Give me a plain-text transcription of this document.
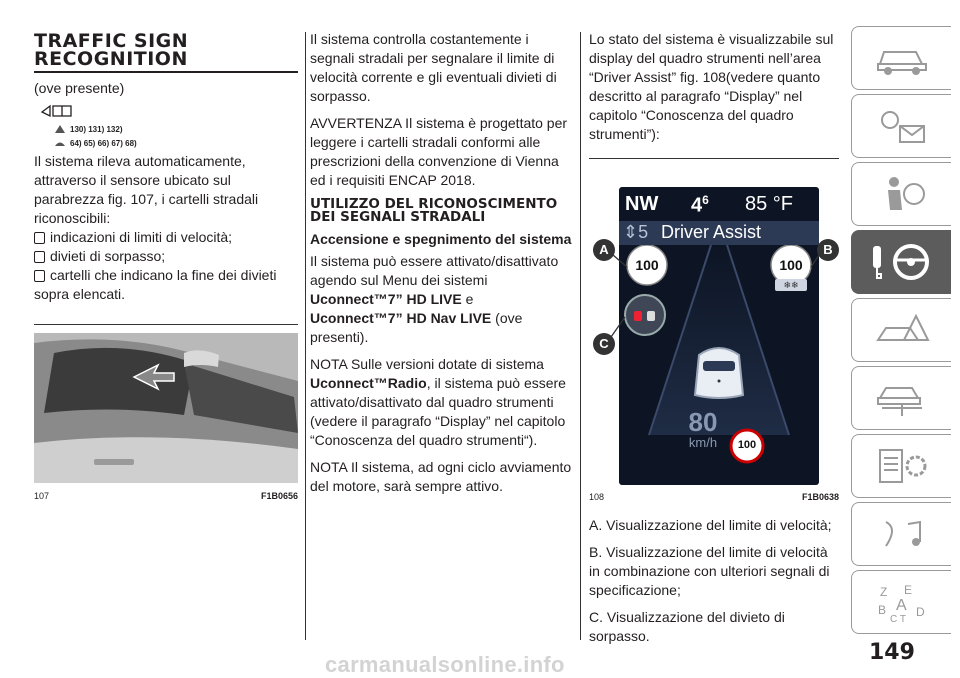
TRAFFIC SIGN RECOGNITION

(ove presente)

130) 131) 132)
64) 65) 66) 67) 68)

Il sistema rileva automaticamente, attraverso il sensore ubicato sul parabrezza fig. 107, i cartelli stradali riconoscibili:

indicazioni di limiti di velocità;
divieti di sorpasso;
cartelli che indicano la fine dei divieti

sopra elencati.

107	F1B0656

Il sistema controlla costantemente i segnali stradali per segnalare il limite di velocità corrente e gli eventuali divieti di sorpasso.

AVVERTENZA Il sistema è progettato per leggere i cartelli stradali conformi alle prescrizioni della convenzione di Vienna ed i requisiti ENCAP 2018.

UTILIZZO DEL RICONOSCIMENTO DEI SEGNALI STRADALI
Accensione e spegnimento del sistema

Il sistema può essere attivato/disattivato agendo sul Menu dei sistemi
Uconnect™7” HD LIVE e
Uconnect™7” HD Nav LIVE (ove presenti).

NOTA Sulle versioni dotate di sistema Uconnect™Radio, il sistema può essere attivato/disattivato dal quadro strumenti (vedere il paragrafo “Display” nel capitolo “Conoscenza del quadro strumenti“).

NOTA Il sistema, ad ogni ciclo avviamento del motore, sarà sempre attivo.

Lo stato del sistema è visualizzabile sul display del quadro strumenti nell’area “Driver Assist” fig. 108(vedere quanto descritto al paragrafo “Display” nel capitolo “Conoscenza del quadro strumenti”):

NW $4^6$ 85 °F
⇕5 Driver Assist
❄❄
100	100
80
km/h	100
A	B
C
108	F1B0638

A. Visualizzazione del limite di velocità;

B. Visualizzazione del limite di velocità in combinazione con ulteriori segnali di specificazione;

C. Visualizzazione del divieto di sorpasso.

Z E
B A D
C T
149
carmanualsonline.info
